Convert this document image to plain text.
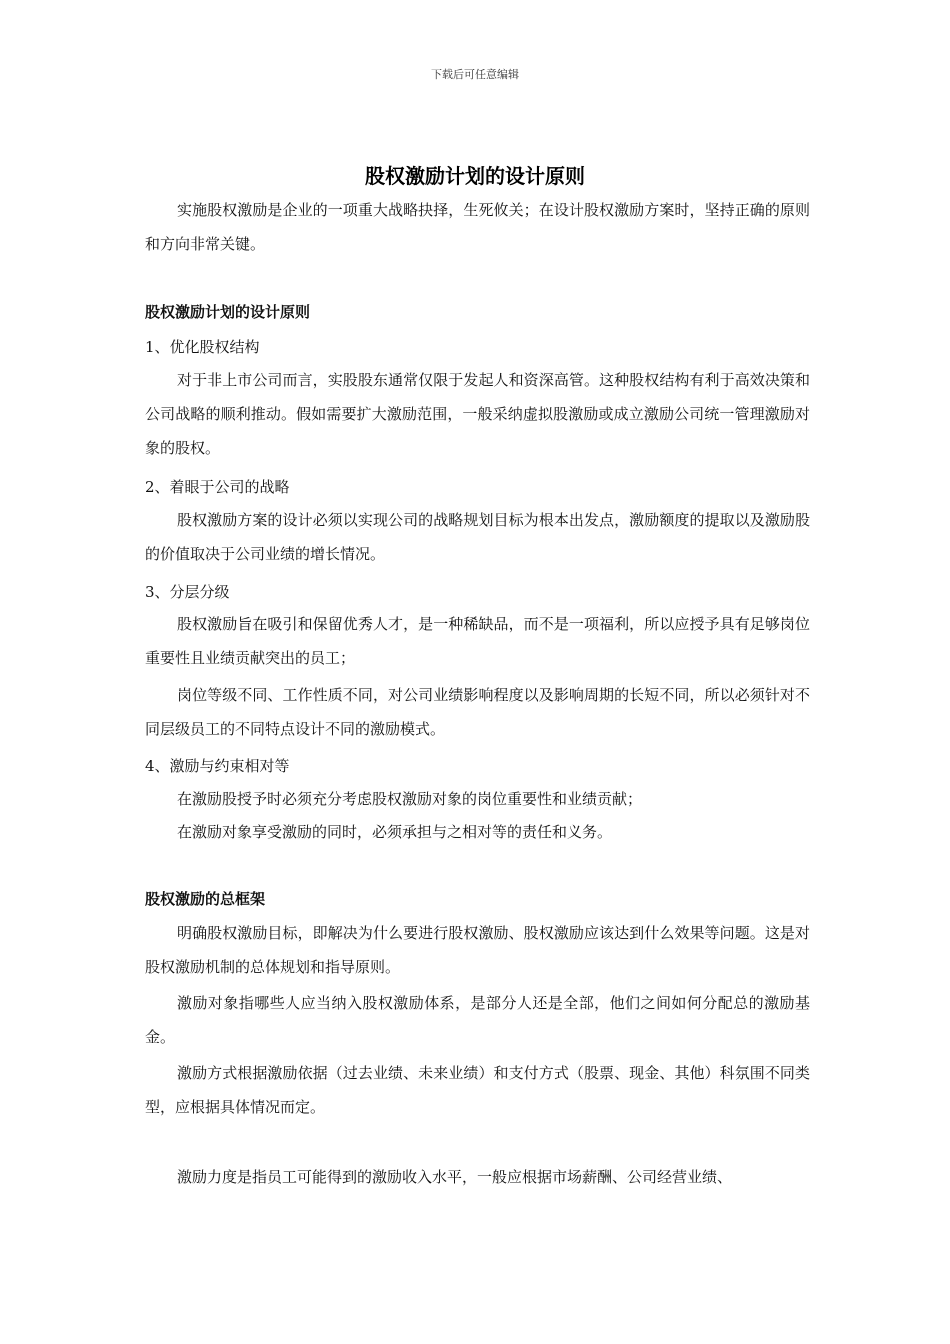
下载后可任意编辑
股权激励计划的设计原则

实施股权激励是企业的一项重大战略抉择，生死攸关；在设计股权激励方案时，坚持正确的原则和方向非常关键。

股权激励计划的设计原则
1、优化股权结构

对于非上市公司而言，实股股东通常仅限于发起人和资深高管。这种股权结构有利于高效决策和公司战略的顺利推动。假如需要扩大激励范围，一般采纳虚拟股激励或成立激励公司统一管理激励对象的股权。

2、着眼于公司的战略

股权激励方案的设计必须以实现公司的战略规划目标为根本出发点，激励额度的提取以及激励股的价值取决于公司业绩的增长情况。

3、分层分级

股权激励旨在吸引和保留优秀人才，是一种稀缺品，而不是一项福利，所以应授予具有足够岗位重要性且业绩贡献突出的员工；

岗位等级不同、工作性质不同，对公司业绩影响程度以及影响周期的长短不同，所以必须针对不同层级员工的不同特点设计不同的激励模式。

4、激励与约束相对等

在激励股授予时必须充分考虑股权激励对象的岗位重要性和业绩贡献；

在激励对象享受激励的同时，必须承担与之相对等的责任和义务。

股权激励的总框架

明确股权激励目标，即解决为什么要进行股权激励、股权激励应该达到什么效果等问题。这是对股权激励机制的总体规划和指导原则。

激励对象指哪些人应当纳入股权激励体系，是部分人还是全部，他们之间如何分配总的激励基金。

激励方式根据激励依据（过去业绩、未来业绩）和支付方式（股票、现金、其他）科氛围不同类型，应根据具体情况而定。

激励力度是指员工可能得到的激励收入水平，一般应根据市场薪酬、公司经营业绩、
